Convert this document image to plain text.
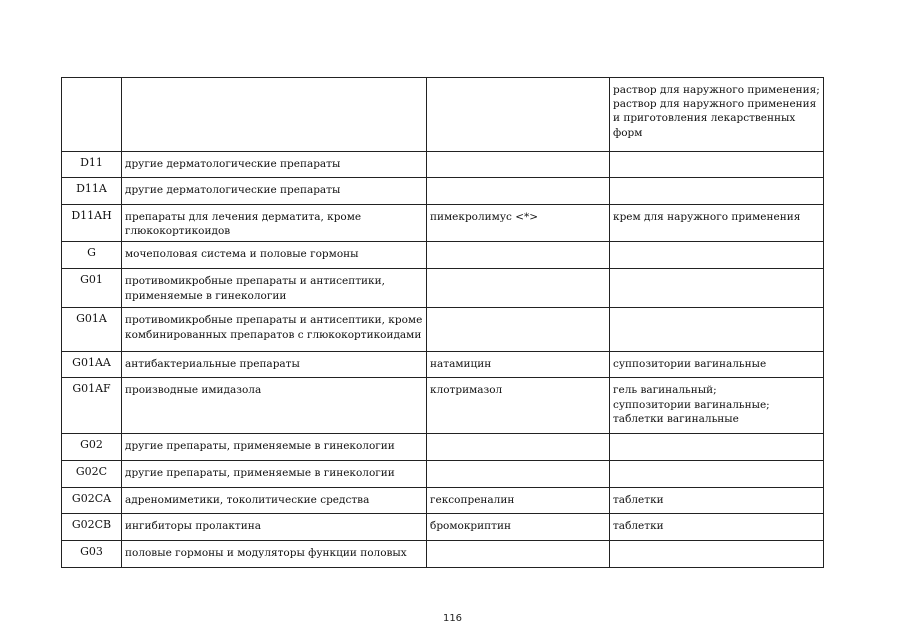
			раствор для наружного применения;
раствор для наружного применения и приготовления лекарственных форм

D11	другие дерматологические препараты		

D11A	другие дерматологические препараты		

D11AH	препараты для лечения дерматита, кроме глюкокортикоидов	пимекролимус <*>	крем для наружного применения

G	мочеполовая система и половые гормоны		

G01	противомикробные препараты и антисептики, применяемые в гинекологии		

G01A	противомикробные препараты и антисептики, кроме комбинированных препаратов с глюкокортикоидами		

G01AA	антибактериальные препараты	натамицин	суппозитории вагинальные

G01AF	производные имидазола	клотримазол	гель вагинальный;
суппозитории вагинальные;
таблетки вагинальные

G02	другие препараты, применяемые в гинекологии		

G02C	другие препараты, применяемые в гинекологии		

G02CA	адреномиметики, токолитические средства	гексопреналин	таблетки

G02CB	ингибиторы пролактина	бромокриптин	таблетки

G03	половые гормоны и модуляторы функции половых		

116
